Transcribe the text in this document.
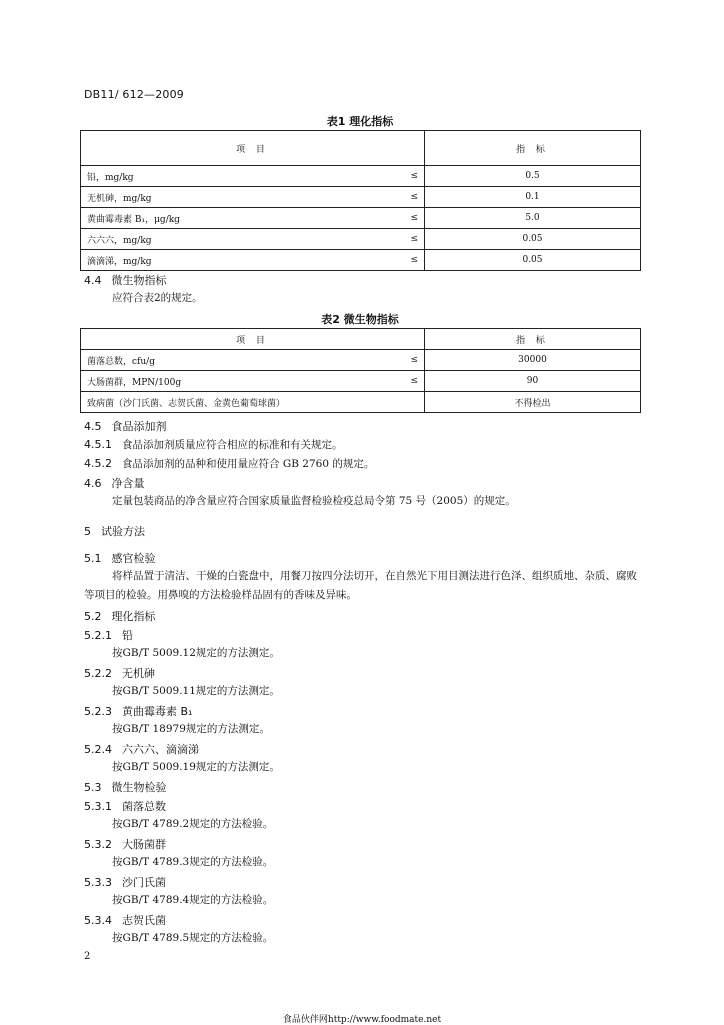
DB11/ 612—2009
表1 理化指标
项 目		指 标
铅，mg/kg	≤	0.5
无机砷，mg/kg	≤	0.1
黄曲霉毒素 B₁，μg/kg	≤	5.0
六六六，mg/kg	≤	0.05
滴滴涕，mg/kg	≤	0.05
4.4 微生物指标
应符合表2的规定。
表2 微生物指标
项 目		指 标
菌落总数，cfu/g	≤	30000
大肠菌群，MPN/100g	≤	90
致病菌（沙门氏菌、志贺氏菌、金黄色葡萄球菌）		不得检出
4.5 食品添加剂
4.5.1 食品添加剂质量应符合相应的标准和有关规定。
4.5.2 食品添加剂的品种和使用量应符合 GB 2760 的规定。
4.6 净含量
定量包装商品的净含量应符合国家质量监督检验检疫总局令第 75 号（2005）的规定。
5 试验方法
5.1 感官检验
将样品置于清洁、干燥的白瓷盘中，用餐刀按四分法切开，在自然光下用目测法进行色泽、组织质地、杂质、腐败等项目的检验。用鼻嗅的方法检验样品固有的香味及异味。
5.2 理化指标
5.2.1 铅
按GB/T 5009.12规定的方法测定。
5.2.2 无机砷
按GB/T 5009.11规定的方法测定。
5.2.3 黄曲霉毒素 B₁
按GB/T 18979规定的方法测定。
5.2.4 六六六、滴滴涕
按GB/T 5009.19规定的方法测定。
5.3 微生物检验
5.3.1 菌落总数
按GB/T 4789.2规定的方法检验。
5.3.2 大肠菌群
按GB/T 4789.3规定的方法检验。
5.3.3 沙门氏菌
按GB/T 4789.4规定的方法检验。
5.3.4 志贺氏菌
按GB/T 4789.5规定的方法检验。
2
食品伙伴网http://www.foodmate.net
